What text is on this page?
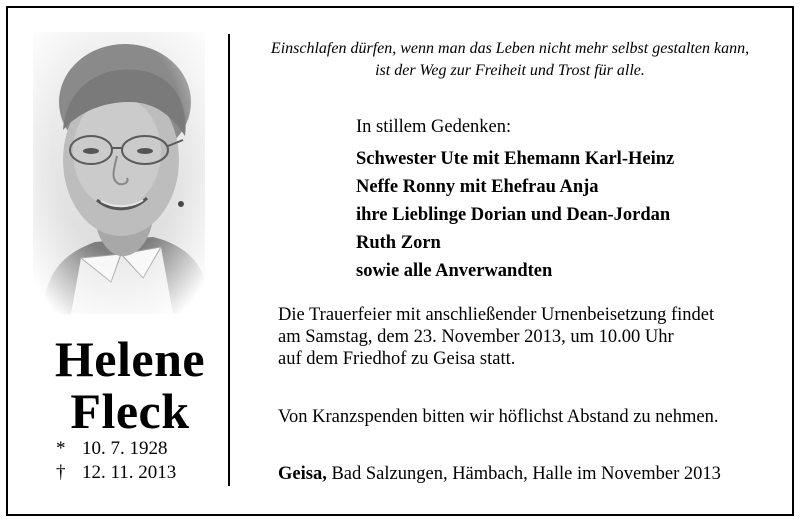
Helene
Fleck
* 10. 7. 1928
† 12. 11. 2013
Einschlafen dürfen, wenn man das Leben nicht mehr selbst gestalten kann,
ist der Weg zur Freiheit und Trost für alle.
In stillem Gedenken:
Schwester Ute mit Ehemann Karl-Heinz
Neffe Ronny mit Ehefrau Anja
ihre Lieblinge Dorian und Dean-Jordan
Ruth Zorn
sowie alle Anverwandten
Die Trauerfeier mit anschließender Urnenbeisetzung findet
am Samstag, dem 23. November 2013, um 10.00 Uhr
auf dem Friedhof zu Geisa statt.
Von Kranzspenden bitten wir höflichst Abstand zu nehmen.
Geisa, Bad Salzungen, Hämbach, Halle im November 2013
